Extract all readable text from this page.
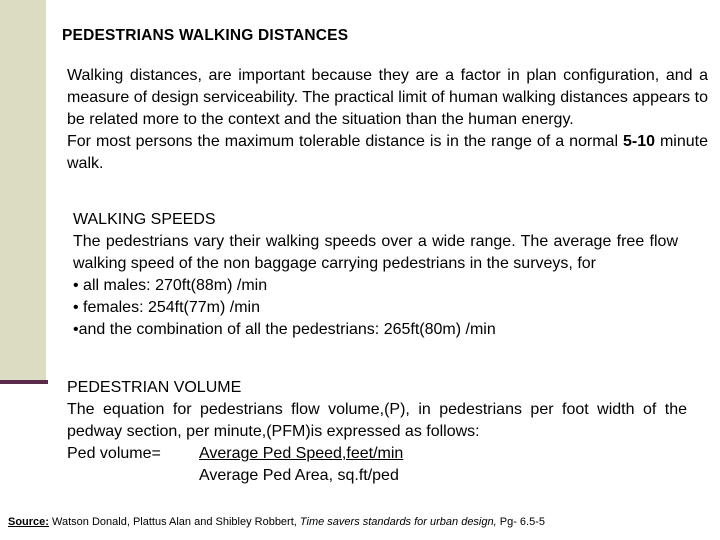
PEDESTRIANS WALKING DISTANCES

Walking distances, are important because they are a factor in plan configuration, and a measure of design serviceability. The practical limit of human walking distances appears to be related more to the context and the situation than the human energy.

For most persons the maximum tolerable distance is in the range of a normal 5-10 minute walk.

WALKING SPEEDS

The pedestrians vary their walking speeds over a wide range. The average free flow walking speed of the non baggage carrying pedestrians in the surveys, for

• all males: 270ft(88m) /min

• females: 254ft(77m) /min

•and the combination of all the pedestrians: 265ft(80m) /min

PEDESTRIAN VOLUME

The equation for pedestrians flow volume,(P), in pedestrians per foot width of the pedway section, per minute,(PFM)is expressed as follows:

Ped volume= Average Ped Speed,feet/min
Average Ped Area, sq.ft/ped
Source: Watson Donald, Plattus Alan and Shibley Robbert, Time savers standards for urban design, Pg- 6.5-5
